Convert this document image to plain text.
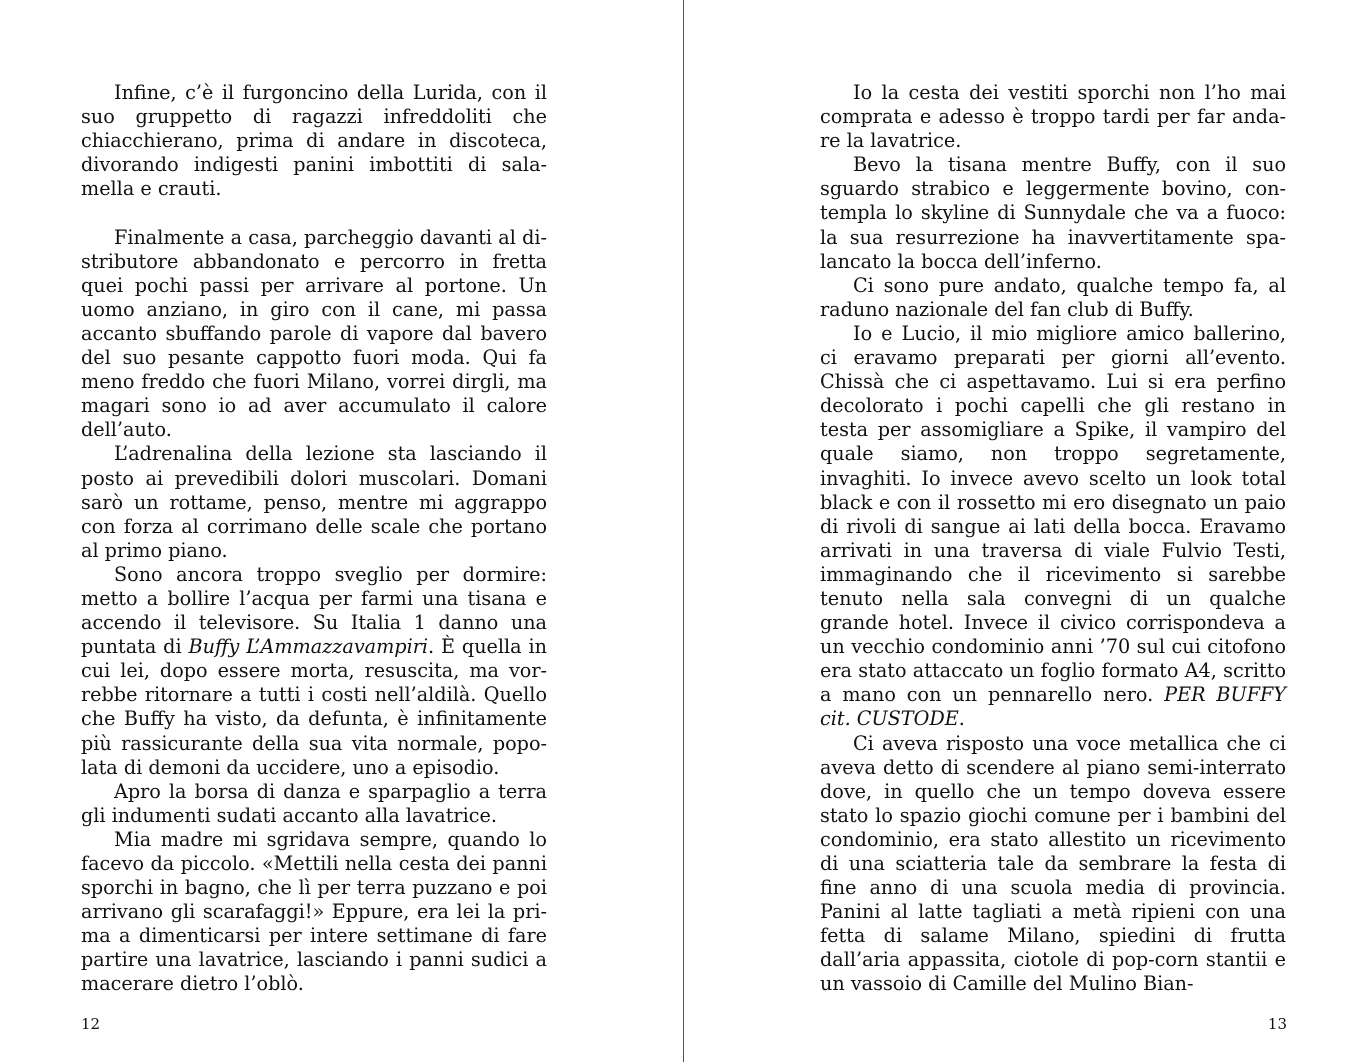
Infine, c’è il furgoncino della Lurida, con il suo gruppetto di ragazzi infreddoliti che chiacchierano, prima di andare in discoteca, divorando indigesti panini imbottiti di salamella e crauti.

Finalmente a casa, parcheggio davanti al distributore abbandonato e percorro in fretta quei pochi passi per arrivare al portone. Un uomo anziano, in giro con il cane, mi passa accanto sbuffando parole di vapore dal bavero del suo pesante cappotto fuori moda. Qui fa meno freddo che fuori Milano, vorrei dirgli, ma magari sono io ad aver accumulato il calore dell’auto.

L’adrenalina della lezione sta lasciando il posto ai prevedibili dolori muscolari. Domani sarò un rottame, penso, mentre mi aggrappo con forza al corrimano delle scale che portano al primo piano.

Sono ancora troppo sveglio per dormire: metto a bollire l’acqua per farmi una tisana e accendo il televisore. Su Italia 1 danno una puntata di Buffy L’Ammazzavampiri. È quella in cui lei, dopo essere morta, resuscita, ma vorrebbe ritornare a tutti i costi nell’aldilà. Quello che Buffy ha visto, da defunta, è infinitamente più rassicurante della sua vita normale, popolata di demoni da uccidere, uno a episodio.

Apro la borsa di danza e sparpaglio a terra gli indumenti sudati accanto alla lavatrice.

Mia madre mi sgridava sempre, quando lo facevo da piccolo. «Mettili nella cesta dei panni sporchi in bagno, che lì per terra puzzano e poi arrivano gli scarafaggi!» Eppure, era lei la prima a dimenticarsi per intere settimane di fare partire una lavatrice, lasciando i panni sudici a macerare dietro l’oblò.

12

Io la cesta dei vestiti sporchi non l’ho mai comprata e adesso è troppo tardi per far andare la lavatrice.

Bevo la tisana mentre Buffy, con il suo sguardo strabico e leggermente bovino, contempla lo skyline di Sunnydale che va a fuoco: la sua resurrezione ha inavvertitamente spalancato la bocca dell’inferno.

Ci sono pure andato, qualche tempo fa, al raduno nazionale del fan club di Buffy.

Io e Lucio, il mio migliore amico ballerino, ci eravamo preparati per giorni all’evento. Chissà che ci aspettavamo. Lui si era perfino decolorato i pochi capelli che gli restano in testa per assomigliare a Spike, il vampiro del quale siamo, non troppo segretamente, invaghiti. Io invece avevo scelto un look total black e con il rossetto mi ero disegnato un paio di rivoli di sangue ai lati della bocca. Eravamo arrivati in una traversa di viale Fulvio Testi, immaginando che il ricevimento si sarebbe tenuto nella sala convegni di un qualche grande hotel. Invece il civico corrispondeva a un vecchio condominio anni ’70 sul cui citofono era stato attaccato un foglio formato A4, scritto a mano con un pennarello nero. PER BUFFY cit. CUSTODE.

Ci aveva risposto una voce metallica che ci aveva detto di scendere al piano semi-interrato dove, in quello che un tempo doveva essere stato lo spazio giochi comune per i bambini del condominio, era stato allestito un ricevimento di una sciatteria tale da sembrare la festa di fine anno di una scuola media di provincia. Panini al latte tagliati a metà ripieni con una fetta di salame Milano, spiedini di frutta dall’aria appassita, ciotole di pop-corn stantii e un vassoio di Camille del Mulino Bian-

13
